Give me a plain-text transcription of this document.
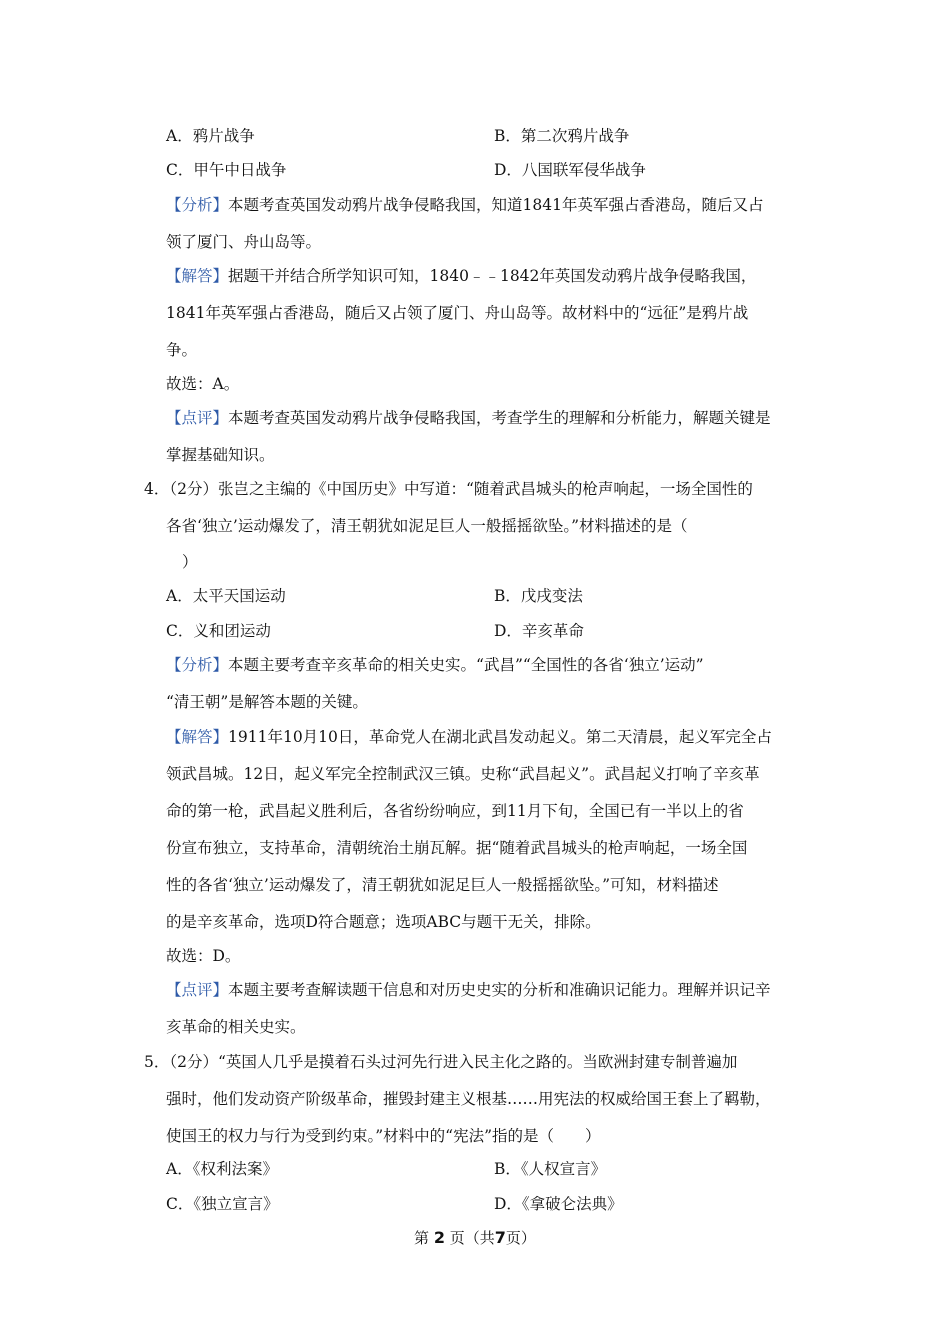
A．鸦片战争	B．第二次鸦片战争
C．甲午中日战争	D．八国联军侵华战争
【分析】本题考查英国发动鸦片战争侵略我国，知道1841年英军强占香港岛，随后又占
领了厦门、舟山岛等。
【解答】据题干并结合所学知识可知，1840﹣﹣1842年英国发动鸦片战争侵略我国，
1841年英军强占香港岛，随后又占领了厦门、舟山岛等。故材料中的“远征”是鸦片战
争。
故选：A。
【点评】本题考查英国发动鸦片战争侵略我国，考查学生的理解和分析能力，解题关键是
掌握基础知识。
4．（2分）张岂之主编的《中国历史》中写道：“随着武昌城头的枪声响起，一场全国性的
各省‘独立’运动爆发了，清王朝犹如泥足巨人一般摇摇欲坠。”材料描述的是（
）
A．太平天国运动	B．戊戌变法
C．义和团运动	D．辛亥革命
【分析】本题主要考查辛亥革命的相关史实。“武昌”“全国性的各省‘独立’运动”
“清王朝”是解答本题的关键。
【解答】1911年10月10日，革命党人在湖北武昌发动起义。第二天清晨，起义军完全占
领武昌城。12日，起义军完全控制武汉三镇。史称“武昌起义”。武昌起义打响了辛亥革
命的第一枪，武昌起义胜利后，各省纷纷响应，到11月下旬，全国已有一半以上的省
份宣布独立，支持革命，清朝统治土崩瓦解。据“随着武昌城头的枪声响起，一场全国
性的各省‘独立’运动爆发了，清王朝犹如泥足巨人一般摇摇欲坠。”可知，材料描述
的是辛亥革命，选项D符合题意；选项ABC与题干无关，排除。
故选：D。
【点评】本题主要考查解读题干信息和对历史史实的分析和准确识记能力。理解并识记辛
亥革命的相关史实。
5．（2分）“英国人几乎是摸着石头过河先行进入民主化之路的。当欧洲封建专制普遍加
强时，他们发动资产阶级革命，摧毁封建主义根基……用宪法的权威给国王套上了羁勒，
使国王的权力与行为受到约束。”材料中的“宪法”指的是（　　）
A．《权利法案》	B．《人权宣言》
C．《独立宣言》	D．《拿破仑法典》
第 2 页（共7页）
